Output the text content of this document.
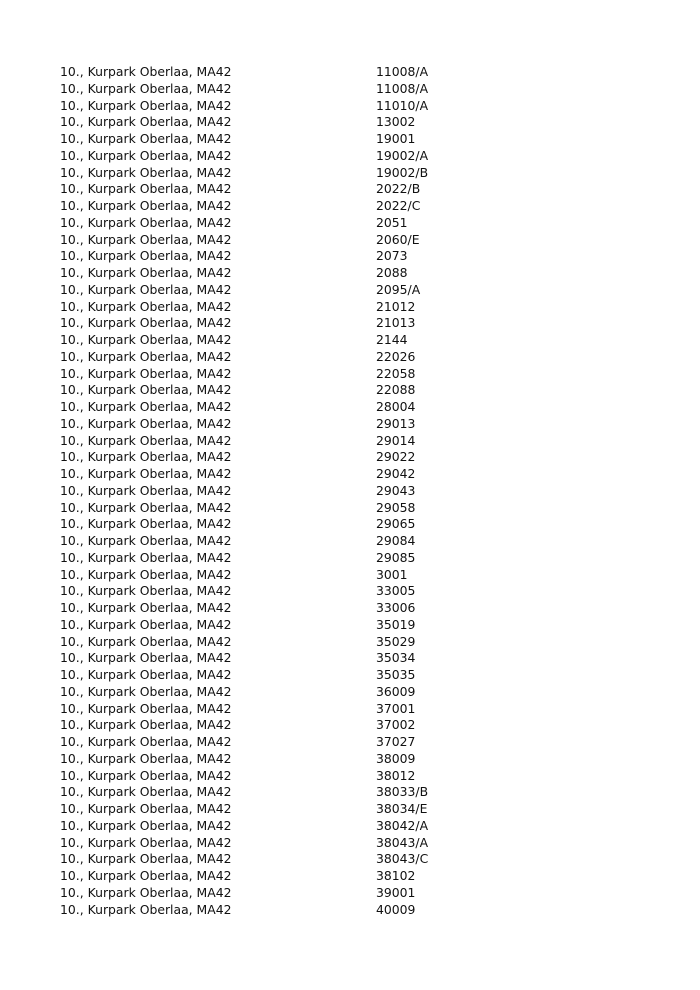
10., Kurpark Oberlaa, MA42	11008/A
10., Kurpark Oberlaa, MA42	11008/A
10., Kurpark Oberlaa, MA42	11010/A
10., Kurpark Oberlaa, MA42	13002
10., Kurpark Oberlaa, MA42	19001
10., Kurpark Oberlaa, MA42	19002/A
10., Kurpark Oberlaa, MA42	19002/B
10., Kurpark Oberlaa, MA42	2022/B
10., Kurpark Oberlaa, MA42	2022/C
10., Kurpark Oberlaa, MA42	2051
10., Kurpark Oberlaa, MA42	2060/E
10., Kurpark Oberlaa, MA42	2073
10., Kurpark Oberlaa, MA42	2088
10., Kurpark Oberlaa, MA42	2095/A
10., Kurpark Oberlaa, MA42	21012
10., Kurpark Oberlaa, MA42	21013
10., Kurpark Oberlaa, MA42	2144
10., Kurpark Oberlaa, MA42	22026
10., Kurpark Oberlaa, MA42	22058
10., Kurpark Oberlaa, MA42	22088
10., Kurpark Oberlaa, MA42	28004
10., Kurpark Oberlaa, MA42	29013
10., Kurpark Oberlaa, MA42	29014
10., Kurpark Oberlaa, MA42	29022
10., Kurpark Oberlaa, MA42	29042
10., Kurpark Oberlaa, MA42	29043
10., Kurpark Oberlaa, MA42	29058
10., Kurpark Oberlaa, MA42	29065
10., Kurpark Oberlaa, MA42	29084
10., Kurpark Oberlaa, MA42	29085
10., Kurpark Oberlaa, MA42	3001
10., Kurpark Oberlaa, MA42	33005
10., Kurpark Oberlaa, MA42	33006
10., Kurpark Oberlaa, MA42	35019
10., Kurpark Oberlaa, MA42	35029
10., Kurpark Oberlaa, MA42	35034
10., Kurpark Oberlaa, MA42	35035
10., Kurpark Oberlaa, MA42	36009
10., Kurpark Oberlaa, MA42	37001
10., Kurpark Oberlaa, MA42	37002
10., Kurpark Oberlaa, MA42	37027
10., Kurpark Oberlaa, MA42	38009
10., Kurpark Oberlaa, MA42	38012
10., Kurpark Oberlaa, MA42	38033/B
10., Kurpark Oberlaa, MA42	38034/E
10., Kurpark Oberlaa, MA42	38042/A
10., Kurpark Oberlaa, MA42	38043/A
10., Kurpark Oberlaa, MA42	38043/C
10., Kurpark Oberlaa, MA42	38102
10., Kurpark Oberlaa, MA42	39001
10., Kurpark Oberlaa, MA42	40009
